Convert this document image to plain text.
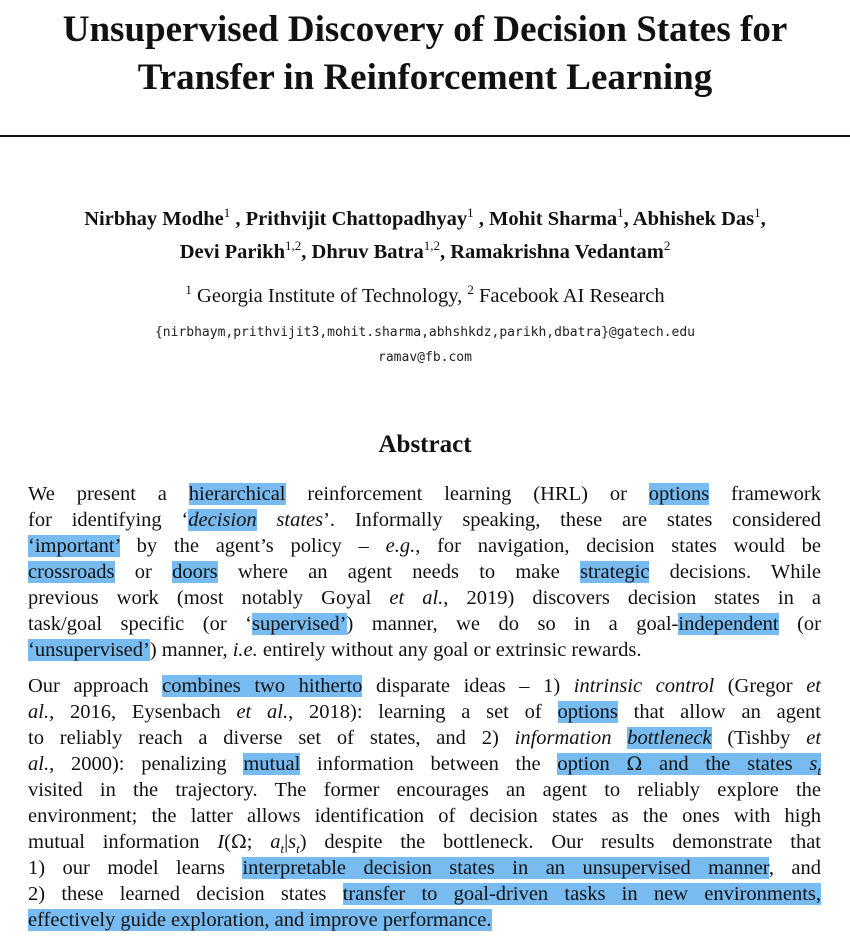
Unsupervised Discovery of Decision States for
Transfer in Reinforcement Learning
Nirbhay Modhe$^1$ , Prithvijit Chattopadhyay$^1$ , Mohit Sharma$^1$, Abhishek Das$^1$,
Devi Parikh$^{1,2}$, Dhruv Batra$^{1,2}$, Ramakrishna Vedantam$^2$
$^1$ Georgia Institute of Technology, $^2$ Facebook AI Research
{nirbhaym,prithvijit3,mohit.sharma,abhshkdz,parikh,dbatra}@gatech.edu
ramav@fb.com
Abstract
We present a hierarchical reinforcement learning (HRL) or options framework
for identifying ‘decision states’. Informally speaking, these are states considered
‘important’ by the agent’s policy – e.g., for navigation, decision states would be
crossroads or doors where an agent needs to make strategic decisions. While
previous work (most notably Goyal et al., 2019) discovers decision states in a
task/goal specific (or ‘supervised’) manner, we do so in a goal-independent (or
‘unsupervised’) manner, i.e. entirely without any goal or extrinsic rewards.
Our approach combines two hitherto disparate ideas – 1) intrinsic control (Gregor et
al., 2016, Eysenbach et al., 2018): learning a set of options that allow an agent
to reliably reach a diverse set of states, and 2) information bottleneck (Tishby et
al., 2000): penalizing mutual information between the option Ω and the states $s_t$
visited in the trajectory. The former encourages an agent to reliably explore the
environment; the latter allows identification of decision states as the ones with high
mutual information I(Ω; $a_t|s_t$) despite the bottleneck. Our results demonstrate that
1) our model learns interpretable decision states in an unsupervised manner, and
2) these learned decision states transfer to goal-driven tasks in new environments,
effectively guide exploration, and improve performance.
